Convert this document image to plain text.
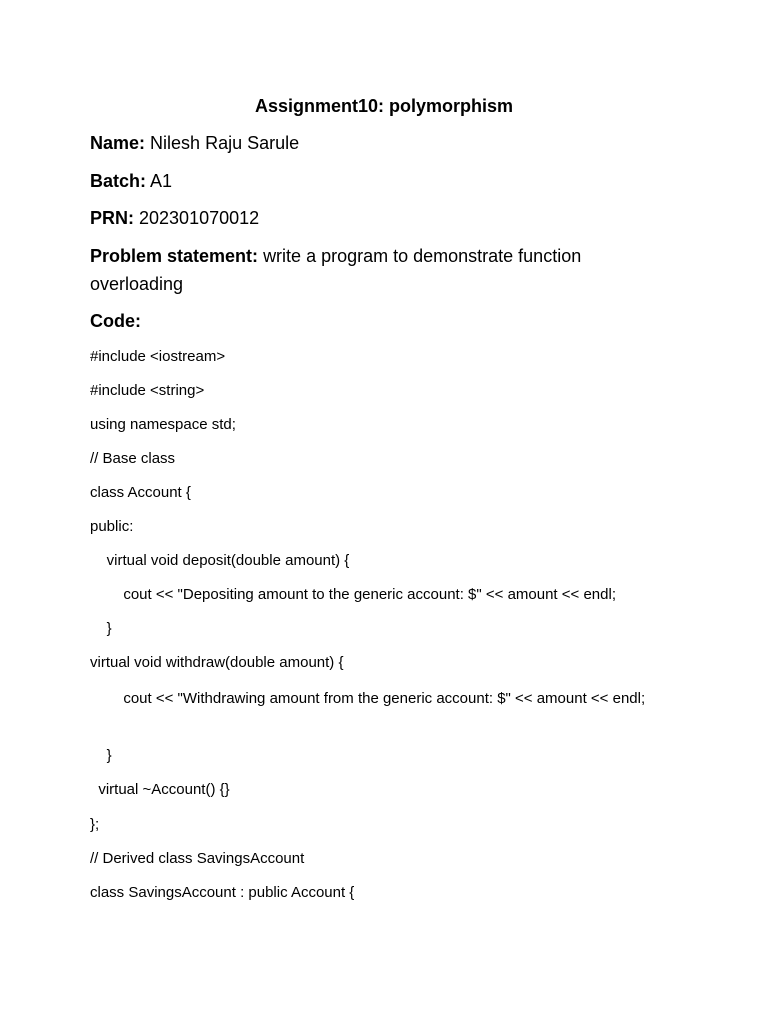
Assignment10: polymorphism
Name: Nilesh Raju Sarule
Batch: A1
PRN: 202301070012
Problem statement: write a program to demonstrate function overloading
Code:
#include <iostream>
#include <string>
using namespace std;
// Base class
class Account {
public:
virtual void deposit(double amount) {
cout << "Depositing amount to the generic account: $" << amount << endl;
}
virtual void withdraw(double amount) {
cout << "Withdrawing amount from the generic account: $" << amount << endl;
}
virtual ~Account() {}
};
// Derived class SavingsAccount
class SavingsAccount : public Account {
